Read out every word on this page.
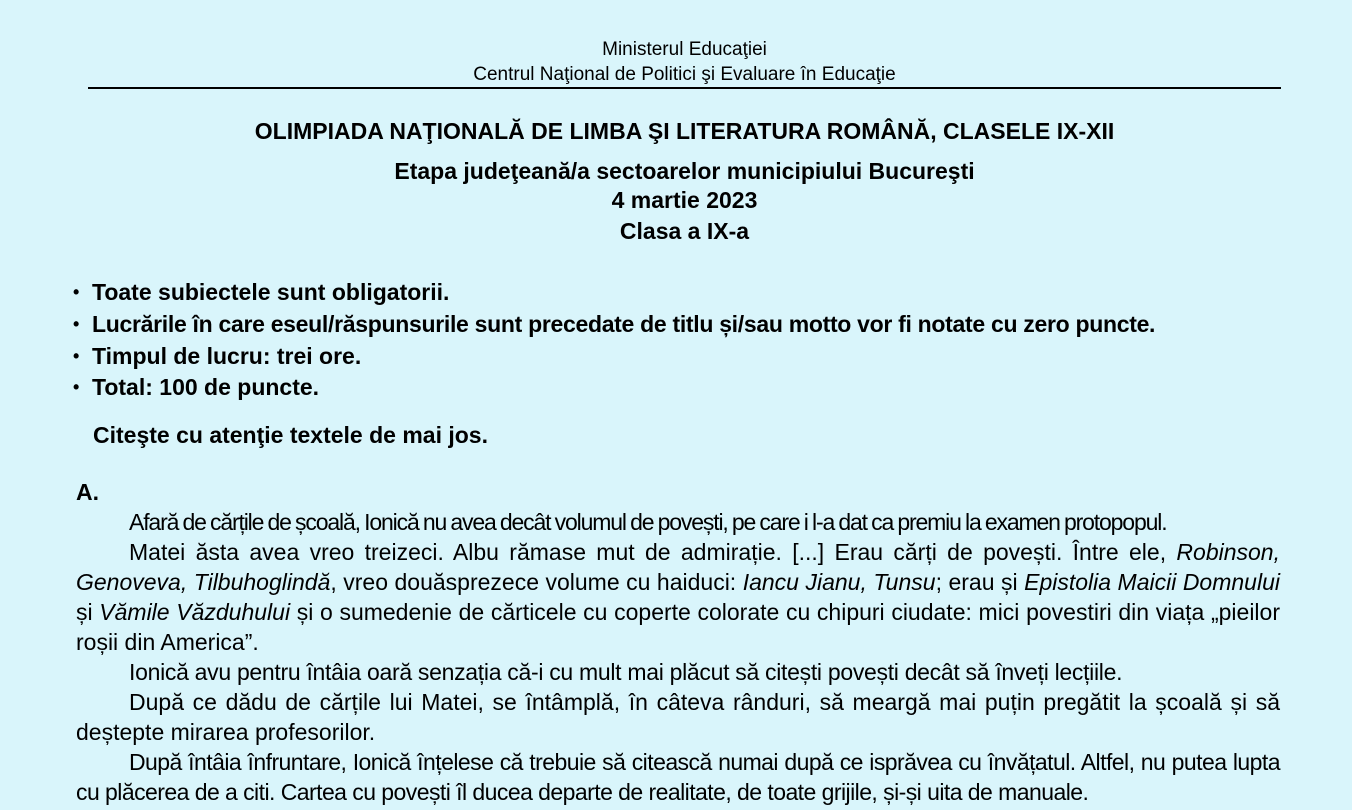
Ministerul Educaţiei
Centrul Naţional de Politici şi Evaluare în Educaţie
OLIMPIADA NAŢIONALĂ DE LIMBA ŞI LITERATURA ROMÂNĂ, CLASELE IX-XII
Etapa judeţeană/a sectoarelor municipiului Bucureşti
4 martie 2023
Clasa a IX-a
• Toate subiectele sunt obligatorii.
• Lucrările în care eseul/răspunsurile sunt precedate de titlu și/sau motto vor fi notate cu zero puncte.
• Timpul de lucru: trei ore.
• Total: 100 de puncte.
Citeşte cu atenţie textele de mai jos.
A.

Afară de cărțile de școală, Ionică nu avea decât volumul de povești, pe care i l-a dat ca premiu la examen protopopul.

Matei ăsta avea vreo treizeci. Albu rămase mut de admirație. [...] Erau cărți de povești. Între ele, Robinson, Genoveva, Tilbuhoglindă, vreo douăsprezece volume cu haiduci: Iancu Jianu, Tunsu; erau și Epistolia Maicii Domnului și Vămile Văzduhului și o sumedenie de cărticele cu coperte colorate cu chipuri ciudate: mici povestiri din viața „pieilor roșii din America”.

Ionică avu pentru întâia oară senzația că-i cu mult mai plăcut să citești povești decât să înveți lecțiile.

După ce dădu de cărțile lui Matei, se întâmplă, în câteva rânduri, să meargă mai puțin pregătit la școală și să deștepte mirarea profesorilor.

După întâia înfruntare, Ionică înțelese că trebuie să citească numai după ce isprăvea cu învățatul. Altfel, nu putea lupta cu plăcerea de a citi. Cartea cu povești îl ducea departe de realitate, de toate grijile, și-și uita de manuale.
